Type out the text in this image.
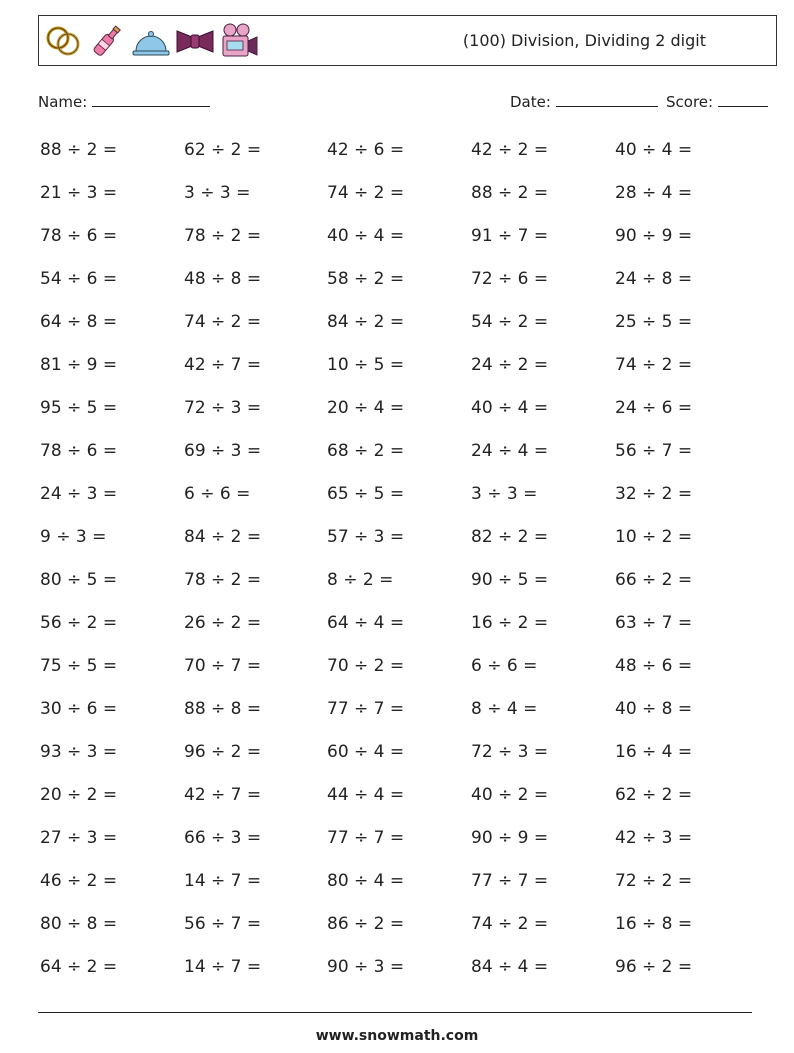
(100) Division, Dividing 2 digit
Name:	Date:	Score:
88 ÷ 2 =	62 ÷ 2 =	42 ÷ 6 =	42 ÷ 2 =	40 ÷ 4 =
21 ÷ 3 =	3 ÷ 3 =	74 ÷ 2 =	88 ÷ 2 =	28 ÷ 4 =
78 ÷ 6 =	78 ÷ 2 =	40 ÷ 4 =	91 ÷ 7 =	90 ÷ 9 =
54 ÷ 6 =	48 ÷ 8 =	58 ÷ 2 =	72 ÷ 6 =	24 ÷ 8 =
64 ÷ 8 =	74 ÷ 2 =	84 ÷ 2 =	54 ÷ 2 =	25 ÷ 5 =
81 ÷ 9 =	42 ÷ 7 =	10 ÷ 5 =	24 ÷ 2 =	74 ÷ 2 =
95 ÷ 5 =	72 ÷ 3 =	20 ÷ 4 =	40 ÷ 4 =	24 ÷ 6 =
78 ÷ 6 =	69 ÷ 3 =	68 ÷ 2 =	24 ÷ 4 =	56 ÷ 7 =
24 ÷ 3 =	6 ÷ 6 =	65 ÷ 5 =	3 ÷ 3 =	32 ÷ 2 =
9 ÷ 3 =	84 ÷ 2 =	57 ÷ 3 =	82 ÷ 2 =	10 ÷ 2 =
80 ÷ 5 =	78 ÷ 2 =	8 ÷ 2 =	90 ÷ 5 =	66 ÷ 2 =
56 ÷ 2 =	26 ÷ 2 =	64 ÷ 4 =	16 ÷ 2 =	63 ÷ 7 =
75 ÷ 5 =	70 ÷ 7 =	70 ÷ 2 =	6 ÷ 6 =	48 ÷ 6 =
30 ÷ 6 =	88 ÷ 8 =	77 ÷ 7 =	8 ÷ 4 =	40 ÷ 8 =
93 ÷ 3 =	96 ÷ 2 =	60 ÷ 4 =	72 ÷ 3 =	16 ÷ 4 =
20 ÷ 2 =	42 ÷ 7 =	44 ÷ 4 =	40 ÷ 2 =	62 ÷ 2 =
27 ÷ 3 =	66 ÷ 3 =	77 ÷ 7 =	90 ÷ 9 =	42 ÷ 3 =
46 ÷ 2 =	14 ÷ 7 =	80 ÷ 4 =	77 ÷ 7 =	72 ÷ 2 =
80 ÷ 8 =	56 ÷ 7 =	86 ÷ 2 =	74 ÷ 2 =	16 ÷ 8 =
64 ÷ 2 =	14 ÷ 7 =	90 ÷ 3 =	84 ÷ 4 =	96 ÷ 2 =
www.snowmath.com
